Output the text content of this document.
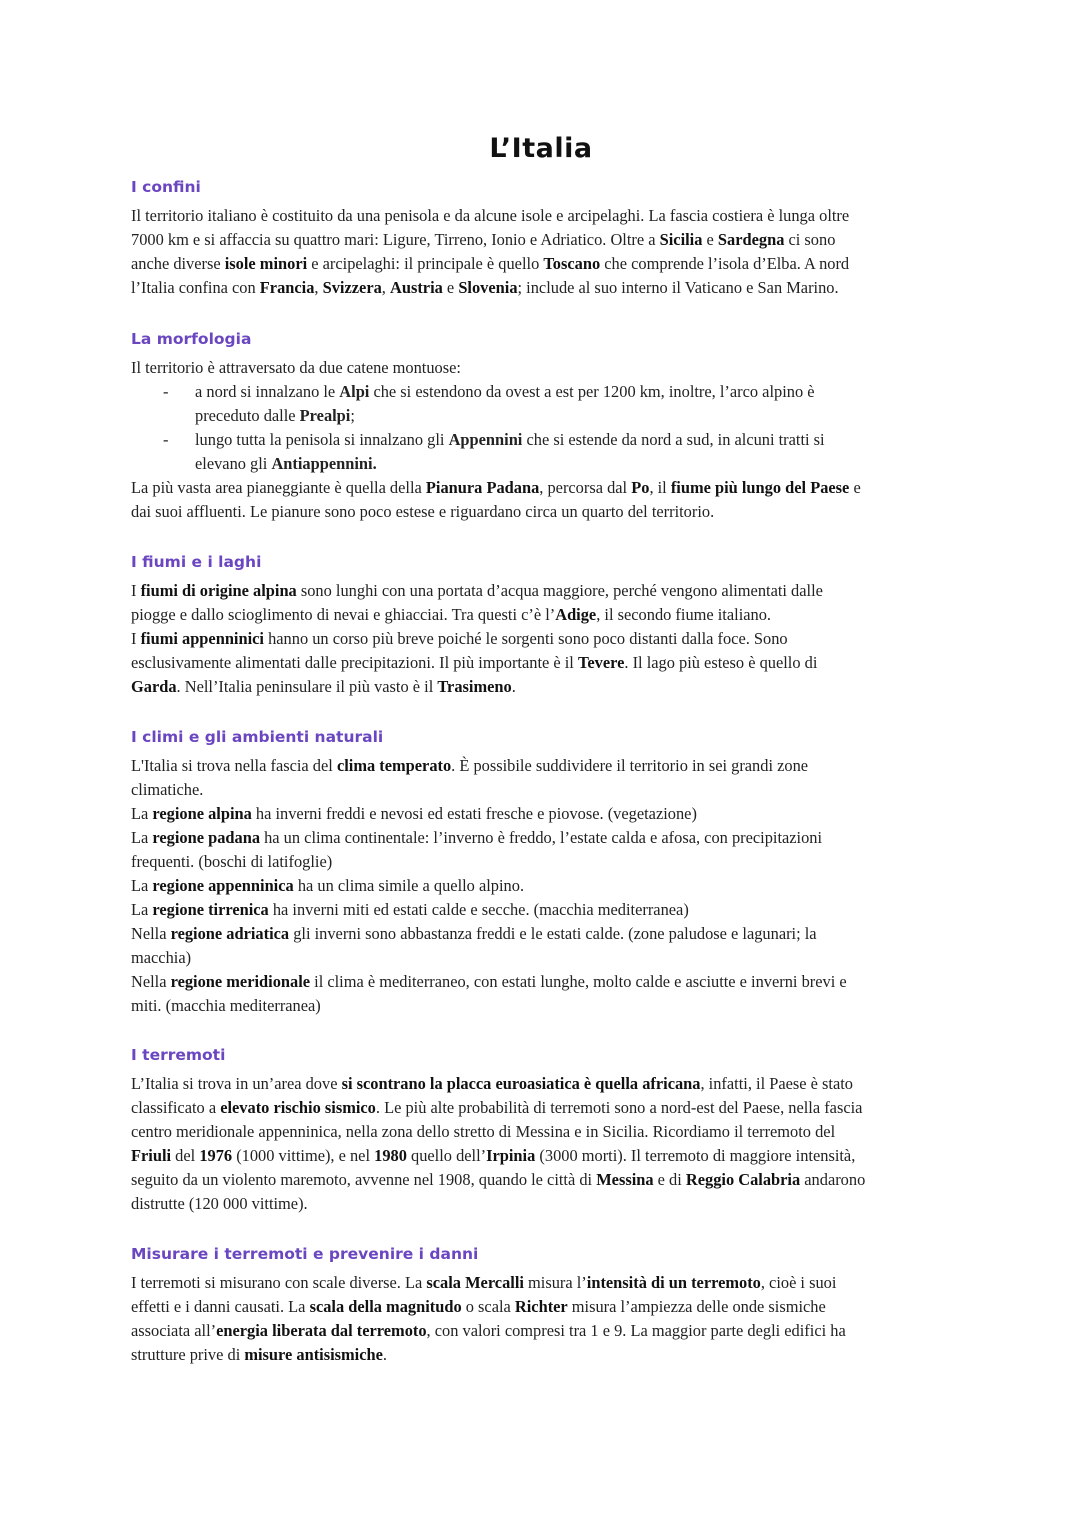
L’Italia
I confini
Il territorio italiano è costituito da una penisola e da alcune isole e arcipelaghi. La fascia costiera è lunga oltre
7000 km e si affaccia su quattro mari: Ligure, Tirreno, Ionio e Adriatico. Oltre a Sicilia e Sardegna ci sono
anche diverse isole minori e arcipelaghi: il principale è quello Toscano che comprende l’isola d’Elba. A nord
l’Italia confina con Francia, Svizzera, Austria e Slovenia; include al suo interno il Vaticano e San Marino.
La morfologia
Il territorio è attraversato da due catene montuose:
- a nord si innalzano le Alpi che si estendono da ovest a est per 1200 km, inoltre, l’arco alpino è
preceduto dalle Prealpi;
- lungo tutta la penisola si innalzano gli Appennini che si estende da nord a sud, in alcuni tratti si
elevano gli Antiappennini.
La più vasta area pianeggiante è quella della Pianura Padana, percorsa dal Po, il fiume più lungo del Paese e
dai suoi affluenti. Le pianure sono poco estese e riguardano circa un quarto del territorio.
I fiumi e i laghi
I fiumi di origine alpina sono lunghi con una portata d’acqua maggiore, perché vengono alimentati dalle
piogge e dallo scioglimento di nevai e ghiacciai. Tra questi c’è l’Adige, il secondo fiume italiano.
I fiumi appenninici hanno un corso più breve poiché le sorgenti sono poco distanti dalla foce. Sono
esclusivamente alimentati dalle precipitazioni. Il più importante è il Tevere. Il lago più esteso è quello di
Garda. Nell’Italia peninsulare il più vasto è il Trasimeno.
I climi e gli ambienti naturali
L'Italia si trova nella fascia del clima temperato. È possibile suddividere il territorio in sei grandi zone
climatiche.
La regione alpina ha inverni freddi e nevosi ed estati fresche e piovose. (vegetazione)
La regione padana ha un clima continentale: l’inverno è freddo, l’estate calda e afosa, con precipitazioni
frequenti. (boschi di latifoglie)
La regione appenninica ha un clima simile a quello alpino.
La regione tirrenica ha inverni miti ed estati calde e secche. (macchia mediterranea)
Nella regione adriatica gli inverni sono abbastanza freddi e le estati calde. (zone paludose e lagunari; la
macchia)
Nella regione meridionale il clima è mediterraneo, con estati lunghe, molto calde e asciutte e inverni brevi e
miti. (macchia mediterranea)
I terremoti
L’Italia si trova in un’area dove si scontrano la placca euroasiatica è quella africana, infatti, il Paese è stato
classificato a elevato rischio sismico. Le più alte probabilità di terremoti sono a nord-est del Paese, nella fascia
centro meridionale appenninica, nella zona dello stretto di Messina e in Sicilia. Ricordiamo il terremoto del
Friuli del 1976 (1000 vittime), e nel 1980 quello dell’Irpinia (3000 morti). Il terremoto di maggiore intensità,
seguito da un violento maremoto, avvenne nel 1908, quando le città di Messina e di Reggio Calabria andarono
distrutte (120 000 vittime).
Misurare i terremoti e prevenire i danni
I terremoti si misurano con scale diverse. La scala Mercalli misura l’intensità di un terremoto, cioè i suoi
effetti e i danni causati. La scala della magnitudo o scala Richter misura l’ampiezza delle onde sismiche
associata all’energia liberata dal terremoto, con valori compresi tra 1 e 9. La maggior parte degli edifici ha
strutture prive di misure antisismiche.
